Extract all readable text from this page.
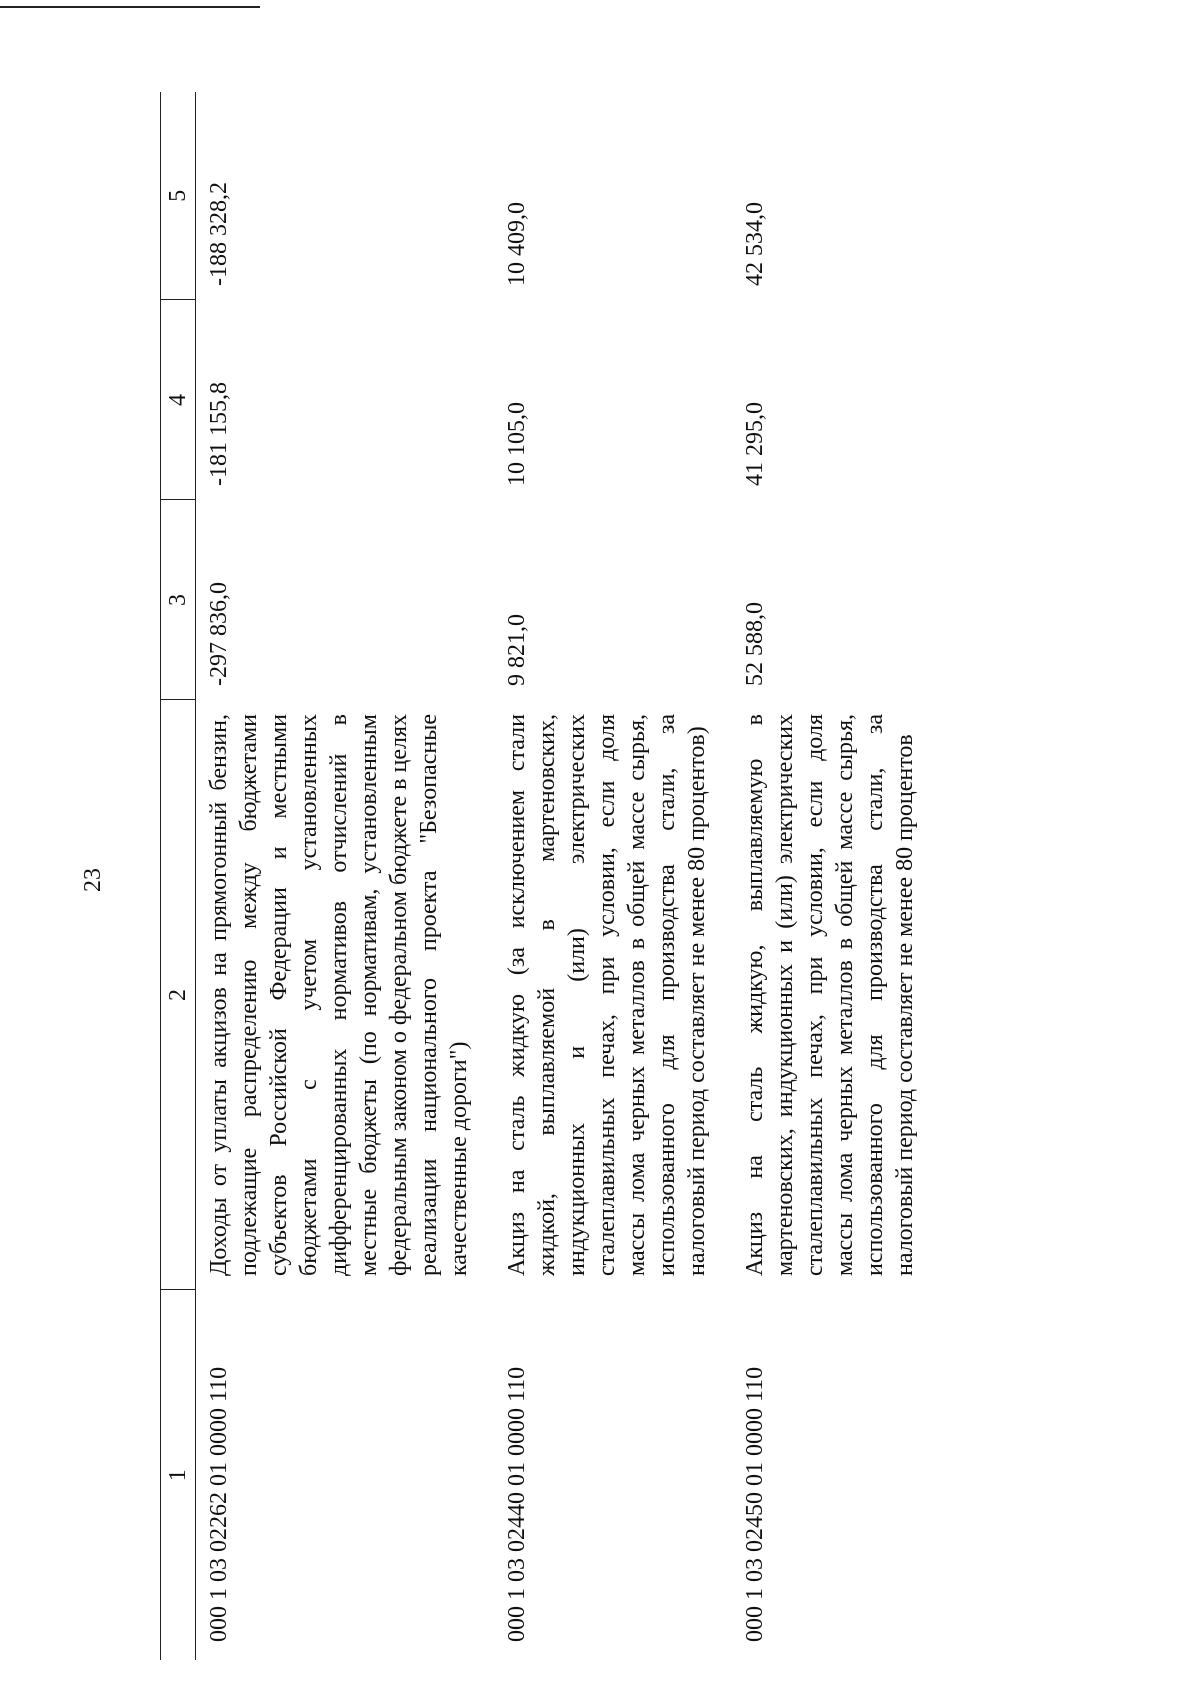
23
1	2	3	4	5
000 1 03 02262 01 0000 110	Доходы от уплаты акцизов на прямогонный бензин, подлежащие распределению между бюджетами субъектов Российской Федерации и местными бюджетами с учетом установленных дифференцированных нормативов отчислений в местные бюджеты (по нормативам, установленным федеральным законом о федеральном бюджете в целях реализации национального проекта "Безопасные качественные дороги")	-297 836,0	-181 155,8	-188 328,2
000 1 03 02440 01 0000 110	Акциз на сталь жидкую (за исключением стали жидкой, выплавляемой в мартеновских, индукционных и (или) электрических сталеплавильных печах, при условии, если доля массы лома черных металлов в общей массе сырья, использованного для производства стали, за налоговый период составляет не менее 80 процентов)	9 821,0	10 105,0	10 409,0
000 1 03 02450 01 0000 110	Акциз на сталь жидкую, выплавляемую в мартеновских, индукционных и (или) электрических сталеплавильных печах, при условии, если доля массы лома черных металлов в общей массе сырья, использованного для производства стали, за налоговый период составляет не менее 80 процентов	52 588,0	41 295,0	42 534,0
